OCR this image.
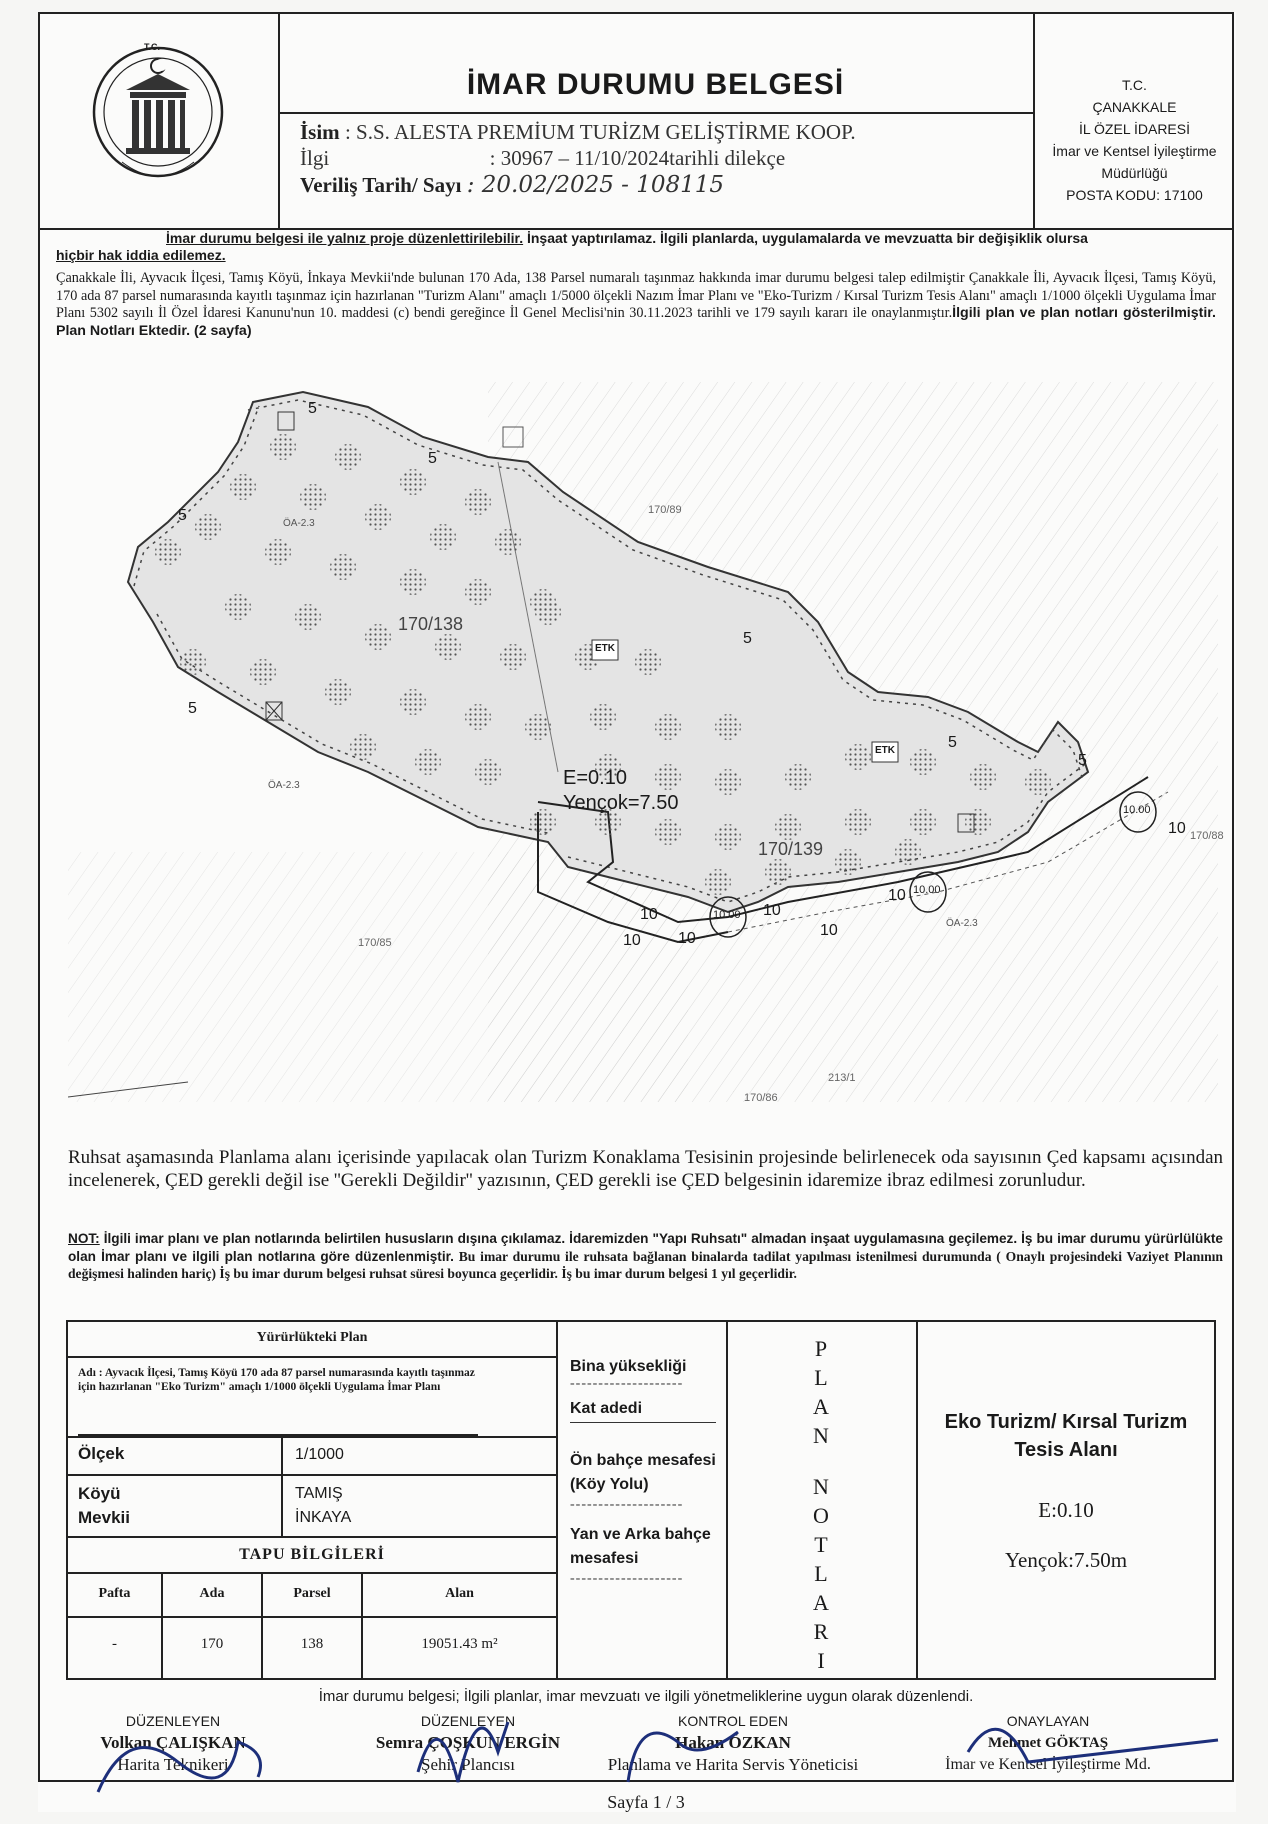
T.C.
İMAR DURUMU BELGESİ
İsim : S.S. ALESTA PREMİUM TURİZM GELİŞTİRME KOOP.
İlgi	: 30967 – 11/10/2024tarihli dilekçe
Veriliş Tarih/ Sayı : 20.02/2025 - 108115
T.C.
ÇANAKKALE
İL ÖZEL İDARESİ
İmar ve Kentsel İyileştirme
Müdürlüğü
POSTA KODU: 17100
İmar durumu belgesi ile yalnız proje düzenlettirilebilir. İnşaat yaptırılamaz. İlgili planlarda, uygulamalarda ve mevzuatta bir değişiklik olursa
hiçbir hak iddia edilemez.
Çanakkale İli, Ayvacık İlçesi, Tamış Köyü, İnkaya Mevkii'nde bulunan 170 Ada, 138 Parsel numaralı taşınmaz hakkında imar durumu belgesi talep edilmiştir Çanakkale İli, Ayvacık İlçesi, Tamış Köyü, 170 ada 87 parsel numarasında kayıtlı taşınmaz için hazırlanan "Turizm Alanı" amaçlı 1/5000 ölçekli Nazım İmar Planı ve "Eko-Turizm / Kırsal Turizm Tesis Alanı" amaçlı 1/1000 ölçekli Uygulama İmar Planı 5302 sayılı İl Özel İdaresi Kanunu'nun 10. maddesi (c) bendi gereğince İl Genel Meclisi'nin 30.11.2023 tarihli ve 179 sayılı kararı ile onaylanmıştır.İlgili plan ve plan notları gösterilmiştir. Plan Notları Ektedir. (2 sayfa)
170/138
170/139
170/89
170/85
170/86
170/88
213/1
ÖA-2.3
ÖA-2.3
ÖA-2.3
ETK
ETK
E=0.10
Yençok=7.50
5
5
5
5
5
5
5
10	10
10
10
10 10	10
10.00
10.00
10.00
Ruhsat aşamasında Planlama alanı içerisinde yapılacak olan Turizm Konaklama Tesisinin projesinde belirlenecek oda sayısının Çed kapsamı açısından incelenerek, ÇED gerekli değil ise ''Gerekli Değildir'' yazısının, ÇED gerekli ise ÇED belgesinin idaremize ibraz edilmesi zorunludur.
NOT: İlgili imar planı ve plan notlarında belirtilen hususların dışına çıkılamaz. İdaremizden "Yapı Ruhsatı" almadan inşaat uygulamasına geçilemez. İş bu imar durumu yürürlülükte olan İmar planı ve ilgili plan notlarına göre düzenlenmiştir. Bu imar durumu ile ruhsata bağlanan binalarda tadilat yapılması istenilmesi durumunda ( Onaylı projesindeki Vaziyet Planının değişmesi halinden hariç) İş bu imar durum belgesi ruhsat süresi boyunca geçerlidir. İş bu imar durum belgesi 1 yıl geçerlidir.
Yürürlükteki Plan
Adı : Ayvacık İlçesi, Tamış Köyü 170 ada 87 parsel numarasında kayıtlı taşınmaz için hazırlanan "Eko Turizm" amaçlı 1/1000 ölçekli Uygulama İmar Planı
Ölçek	1/1000
Köyü
Mevkii
TAMIŞ
İNKAYA
TAPU BİLGİLERİ
Pafta	Ada	Parsel	Alan
-	170	138	19051.43 m²
Bina yüksekliği
--------------------
Kat adedi
Ön bahçe mesafesi (Köy Yolu)
--------------------
Yan ve Arka bahçe mesafesi
--------------------
P
L
A
N

N
O
T
L
A
R
I
Eko Turizm/ Kırsal Turizm Tesis Alanı
E:0.10
Yençok:7.50m
İmar durumu belgesi; İlgili planlar, imar mevzuatı ve ilgili yönetmeliklerine uygun olarak düzenlendi.
DÜZENLEYEN
Volkan ÇALIŞKAN
Harita Teknikeri
DÜZENLEYEN
Semra ÇOŞKUN ERGİN
Şehir Plancısı
KONTROL EDEN
Hakan ÖZKAN
Planlama ve Harita Servis Yöneticisi
ONAYLAYAN
Mehmet GÖKTAŞ
İmar ve Kentsel İyileştirme Md.
Sayfa 1 / 3
